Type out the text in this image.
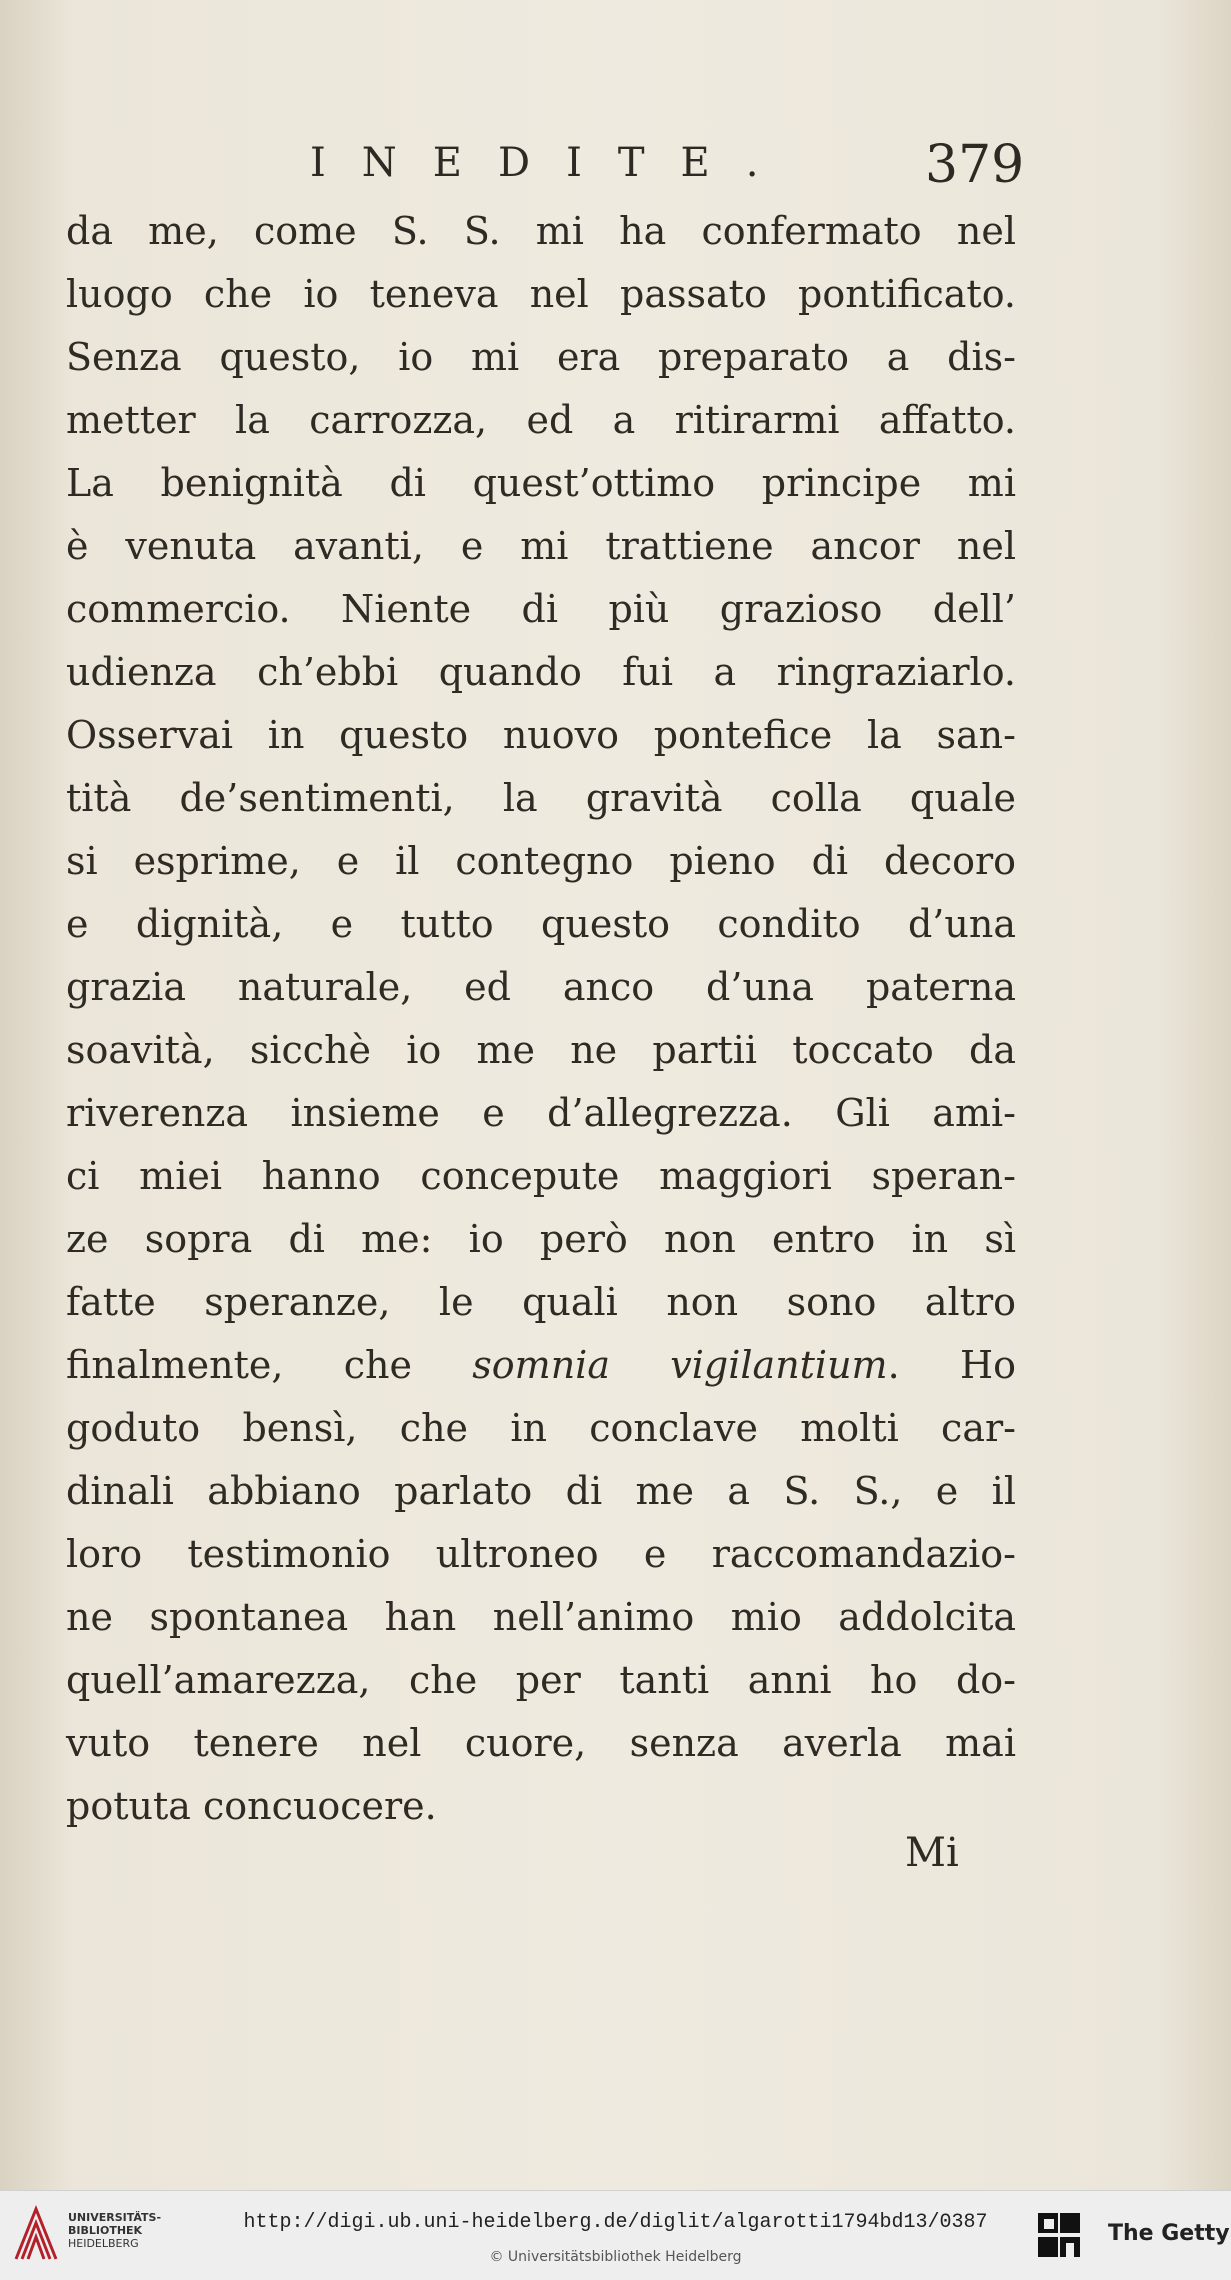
INEDITE.	379
da me, come S. S. mi ha confermato nel
luogo che io teneva nel passato pontificato.
Senza questo, io mi era preparato a dis-
metter la carrozza, ed a ritirarmi affatto.
La benignità di quest’ottimo principe mi
è venuta avanti, e mi trattiene ancor nel
commercio. Niente di più grazioso dell’
udienza ch’ebbi quando fui a ringraziarlo.
Osservai in questo nuovo pontefice la san-
tità de’sentimenti, la gravità colla quale
si esprime, e il contegno pieno di decoro
e dignità, e tutto questo condito d’una
grazia naturale, ed anco d’una paterna
soavità, sicchè io me ne partii toccato da
riverenza insieme e d’allegrezza. Gli ami-
ci miei hanno concepute maggiori speran-
ze sopra di me: io però non entro in sì
fatte speranze, le quali non sono altro
finalmente, che somnia vigilantium. Ho
goduto bensì, che in conclave molti car-
dinali abbiano parlato di me a S. S., e il
loro testimonio ultroneo e raccomandazio-
ne spontanea han nell’animo mio addolcita
quell’amarezza, che per tanti anni ho do-
vuto tenere nel cuore, senza averla mai
potuta concuocere.
Mi
UNIVERSITÄTS-
BIBLIOTHEK
HEIDELBERG
http://digi.ub.uni-heidelberg.de/diglit/algarotti1794bd13/0387
© Universitätsbibliothek Heidelberg
The Getty
